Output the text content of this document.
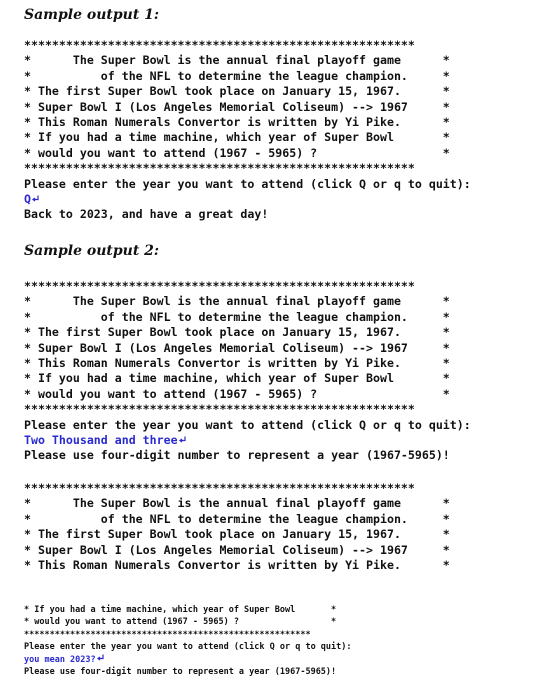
Sample output 1:
********************************************************
*      The Super Bowl is the annual final playoff game      *
*          of the NFL to determine the league champion.     *
* The first Super Bowl took place on January 15, 1967.      *
* Super Bowl I (Los Angeles Memorial Coliseum) --> 1967     *
* This Roman Numerals Convertor is written by Yi Pike.      *
* If you had a time machine, which year of Super Bowl       *
* would you want to attend (1967 - 5965) ?                  *
********************************************************
Please enter the year you want to attend (click Q or q to quit):
Q
Back to 2023, and have a great day!
Sample output 2:
********************************************************
*      The Super Bowl is the annual final playoff game      *
*          of the NFL to determine the league champion.     *
* The first Super Bowl took place on January 15, 1967.      *
* Super Bowl I (Los Angeles Memorial Coliseum) --> 1967     *
* This Roman Numerals Convertor is written by Yi Pike.      *
* If you had a time machine, which year of Super Bowl       *
* would you want to attend (1967 - 5965) ?                  *
********************************************************
Please enter the year you want to attend (click Q or q to quit):
Two Thousand and three
Please use four-digit number to represent a year (1967-5965)!
********************************************************
*      The Super Bowl is the annual final playoff game      *
*          of the NFL to determine the league champion.     *
* The first Super Bowl took place on January 15, 1967.      *
* Super Bowl I (Los Angeles Memorial Coliseum) --> 1967     *
* This Roman Numerals Convertor is written by Yi Pike.      *
* If you had a time machine, which year of Super Bowl       *
* would you want to attend (1967 - 5965) ?                  *
********************************************************
Please enter the year you want to attend (click Q or q to quit):
you mean 2023?
Please use four-digit number to represent a year (1967-5965)!
